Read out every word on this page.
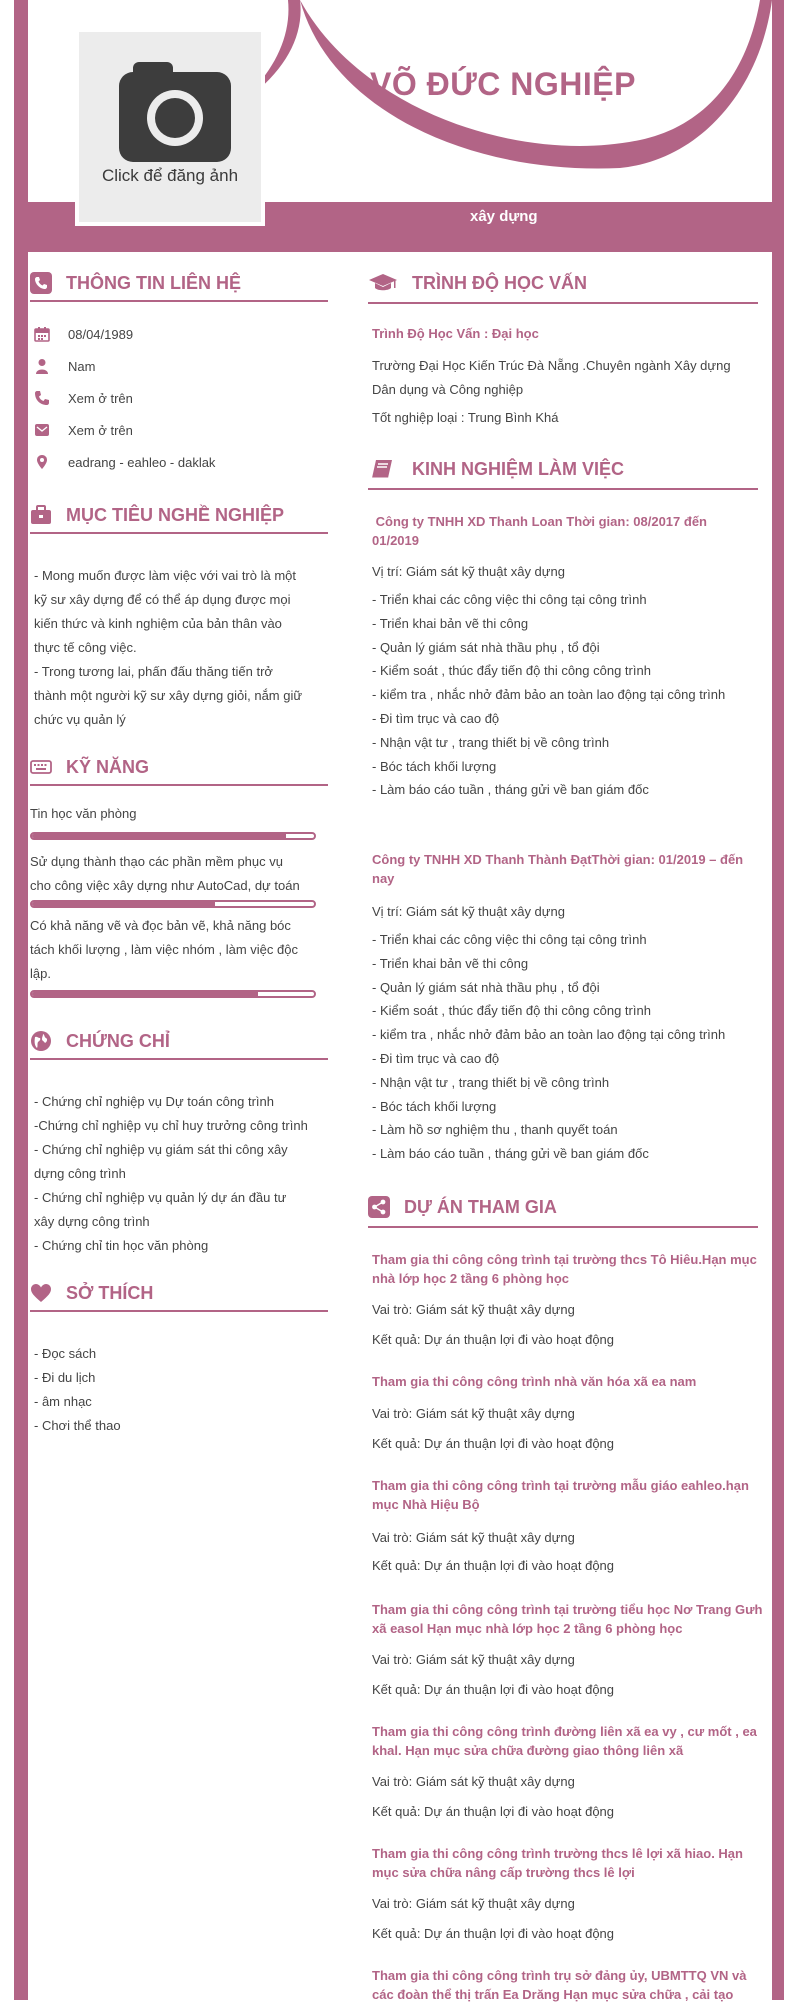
Click để đăng ảnh
VÕ ĐỨC NGHIỆP
xây dựng
THÔNG TIN LIÊN HỆ
08/04/1989
Nam
Xem ở trên
Xem ở trên
eadrang - eahleo - daklak
MỤC TIÊU NGHỀ NGHIỆP
- Mong muốn được làm việc với vai trò là một
kỹ sư xây dựng để có thể áp dụng được mọi
kiến thức và kinh nghiệm của bản thân vào
thực tế công việc.
- Trong tương lai, phấn đấu thăng tiến trở
thành một người kỹ sư xây dựng giỏi, nắm giữ
chức vụ quản lý
KỸ NĂNG
Tin học văn phòng
Sử dụng thành thạo các phần mềm phục vụ
cho công việc xây dựng như AutoCad, dự toán
Có khả năng vẽ và đọc bản vẽ, khả năng bóc
tách khối lượng , làm việc nhóm , làm việc độc
lập.
CHỨNG CHỈ
- Chứng chỉ nghiệp vụ Dự toán công trình
-Chứng chỉ nghiệp vụ chỉ huy trưởng công trình
- Chứng chỉ nghiệp vụ giám sát thi công xây
dựng công trình
- Chứng chỉ nghiệp vụ quản lý dự án đầu tư
xây dựng công trình
- Chứng chỉ tin học văn phòng
SỞ THÍCH
- Đọc sách
- Đi du lịch
- âm nhạc
- Chơi thể thao
TRÌNH ĐỘ HỌC VẤN
Trình Độ Học Vấn : Đại học
Trường Đại Học Kiến Trúc Đà Nẵng .Chuyên ngành Xây dựng
Dân dụng và Công nghiệp
Tốt nghiệp loại : Trung Bình Khá
KINH NGHIỆM LÀM VIỆC
Công ty TNHH XD Thanh Loan Thời gian: 08/2017 đến
01/2019
Vị trí: Giám sát kỹ thuật xây dựng
- Triển khai các công việc thi công tại công trình
- Triển khai bản vẽ thi công
- Quản lý giám sát nhà thầu phụ , tổ đội
- Kiểm soát , thúc đẩy tiến độ thi công công trình
- kiểm tra , nhắc nhở đảm bảo an toàn lao động tại công trình
- Đi tìm trục và cao độ
- Nhận vật tư , trang thiết bị về công trình
- Bóc tách khối lượng
- Làm báo cáo tuần , tháng gửi về ban giám đốc
Công ty TNHH XD Thanh Thành ĐạtThời gian: 01/2019 – đến
nay
Vị trí: Giám sát kỹ thuật xây dựng
- Triển khai các công việc thi công tại công trình
- Triển khai bản vẽ thi công
- Quản lý giám sát nhà thầu phụ , tổ đội
- Kiểm soát , thúc đẩy tiến độ thi công công trình
- kiểm tra , nhắc nhở đảm bảo an toàn lao động tại công trình
- Đi tìm trục và cao độ
- Nhận vật tư , trang thiết bị về công trình
- Bóc tách khối lượng
- Làm hồ sơ nghiệm thu , thanh quyết toán
- Làm báo cáo tuần , tháng gửi về ban giám đốc
DỰ ÁN THAM GIA
Tham gia thi công công trình tại trường thcs Tô Hiêu.Hạn mục
nhà lớp học 2 tầng 6 phòng học
Vai trò: Giám sát kỹ thuật xây dựng
Kết quả: Dự án thuận lợi đi vào hoạt động
Tham gia thi công công trình nhà văn hóa xã ea nam
Vai trò: Giám sát kỹ thuật xây dựng
Kết quả: Dự án thuận lợi đi vào hoạt động
Tham gia thi công công trình tại trường mẫu giáo eahleo.hạn
mục Nhà Hiệu Bộ
Vai trò: Giám sát kỹ thuật xây dựng
Kết quả: Dự án thuận lợi đi vào hoạt động
Tham gia thi công công trình tại trường tiểu học Nơ Trang Gưh
xã easol Hạn mục nhà lớp học 2 tầng 6 phòng học
Vai trò: Giám sát kỹ thuật xây dựng
Kết quả: Dự án thuận lợi đi vào hoạt động
Tham gia thi công công trình đường liên xã ea vy , cư mốt , ea
khal. Hạn mục sửa chữa đường giao thông liên xã
Vai trò: Giám sát kỹ thuật xây dựng
Kết quả: Dự án thuận lợi đi vào hoạt động
Tham gia thi công công trình trường thcs lê lợi xã hiao. Hạn
mục sửa chữa nâng cấp trường thcs lê lợi
Vai trò: Giám sát kỹ thuật xây dựng
Kết quả: Dự án thuận lợi đi vào hoạt động
Tham gia thi công công trình trụ sở đảng ủy, UBMTTQ VN và
các đoàn thể thị trấn Ea Drăng Hạn mục sửa chữa , cải tạo
